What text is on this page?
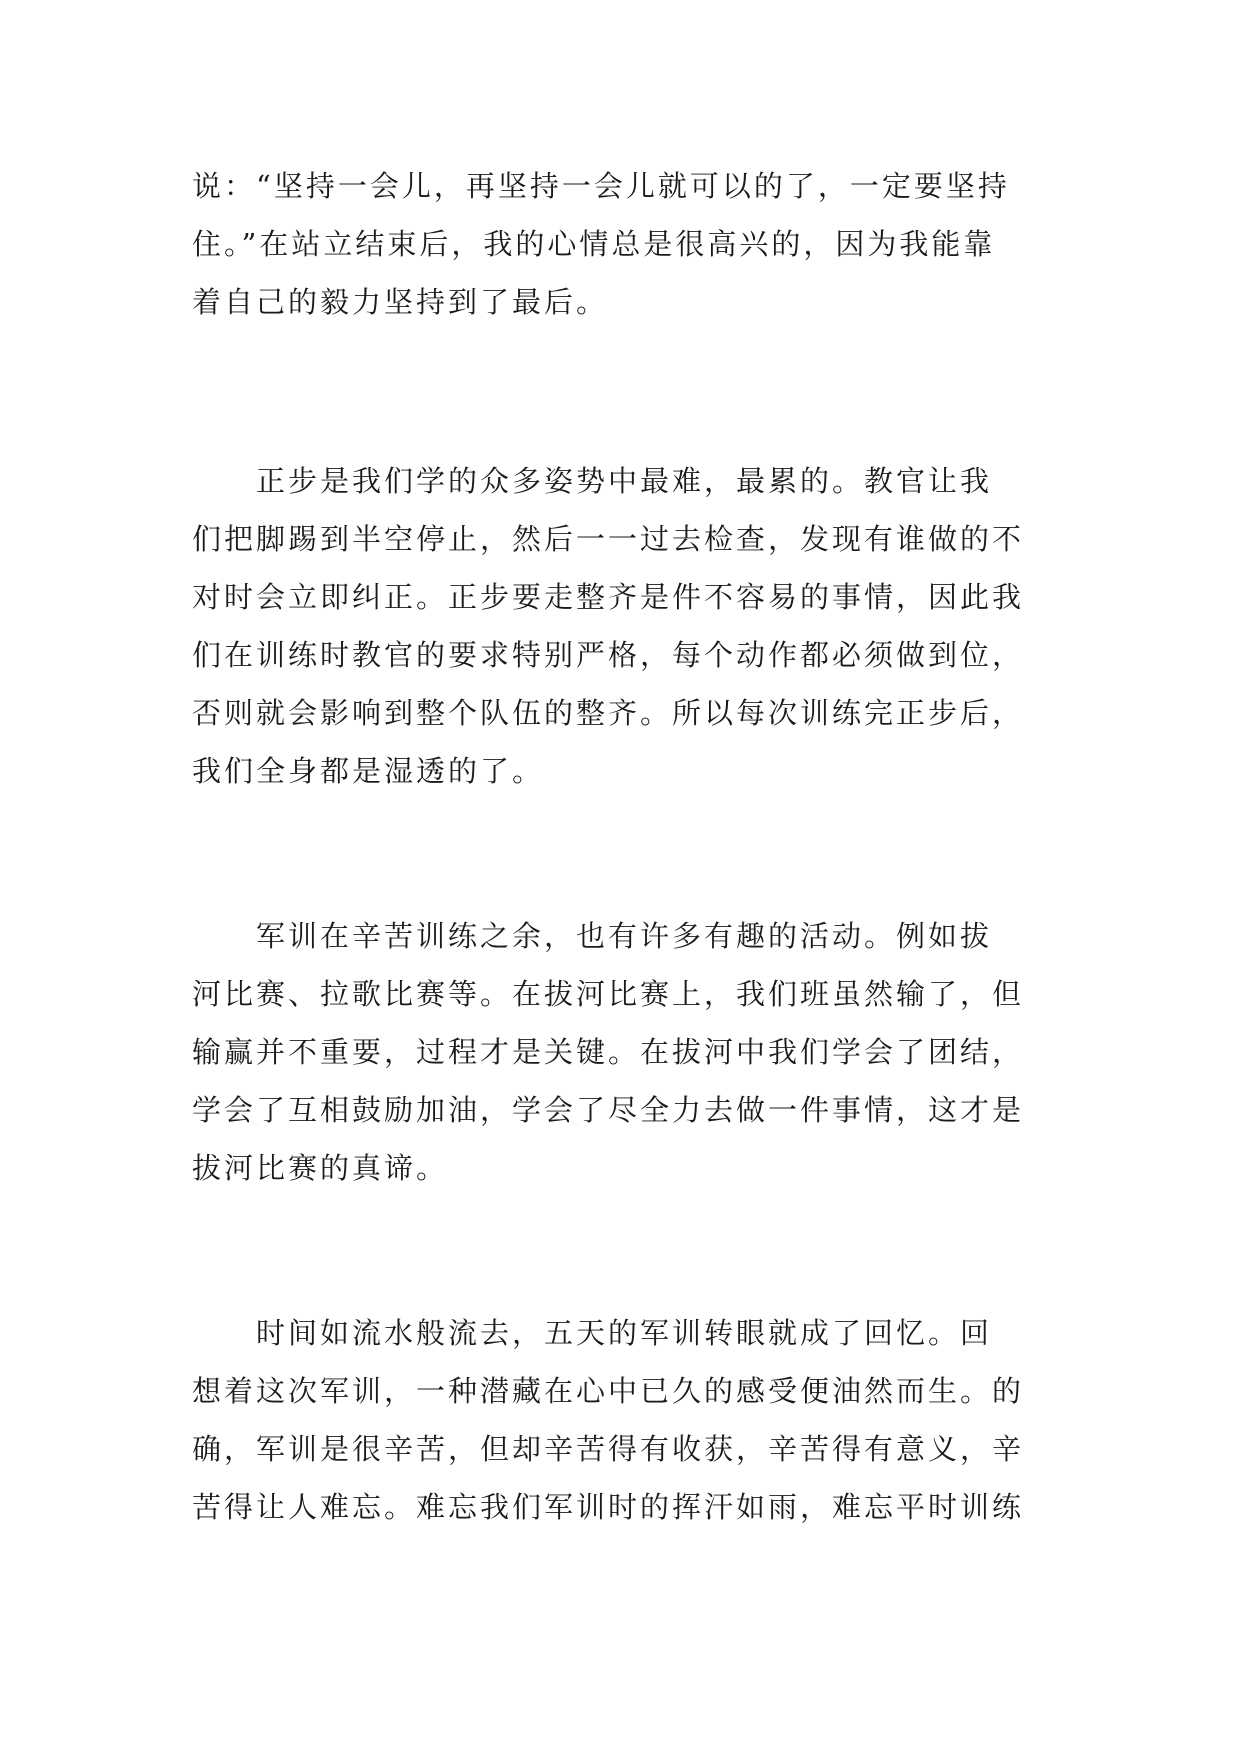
说：“坚持一会儿，再坚持一会儿就可以的了，一定要坚持
住。”在站立结束后，我的心情总是很高兴的，因为我能靠
着自己的毅力坚持到了最后。

　　正步是我们学的众多姿势中最难，最累的。教官让我
们把脚踢到半空停止，然后一一过去检查，发现有谁做的不
对时会立即纠正。正步要走整齐是件不容易的事情，因此我
们在训练时教官的要求特别严格，每个动作都必须做到位，
否则就会影响到整个队伍的整齐。所以每次训练完正步后，
我们全身都是湿透的了。

　　军训在辛苦训练之余，也有许多有趣的活动。例如拔
河比赛、拉歌比赛等。在拔河比赛上，我们班虽然输了，但
输赢并不重要，过程才是关键。在拔河中我们学会了团结，
学会了互相鼓励加油，学会了尽全力去做一件事情，这才是
拔河比赛的真谛。

　　时间如流水般流去，五天的军训转眼就成了回忆。回
想着这次军训，一种潜藏在心中已久的感受便油然而生。的
确，军训是很辛苦，但却辛苦得有收获，辛苦得有意义，辛
苦得让人难忘。难忘我们军训时的挥汗如雨，难忘平时训练
